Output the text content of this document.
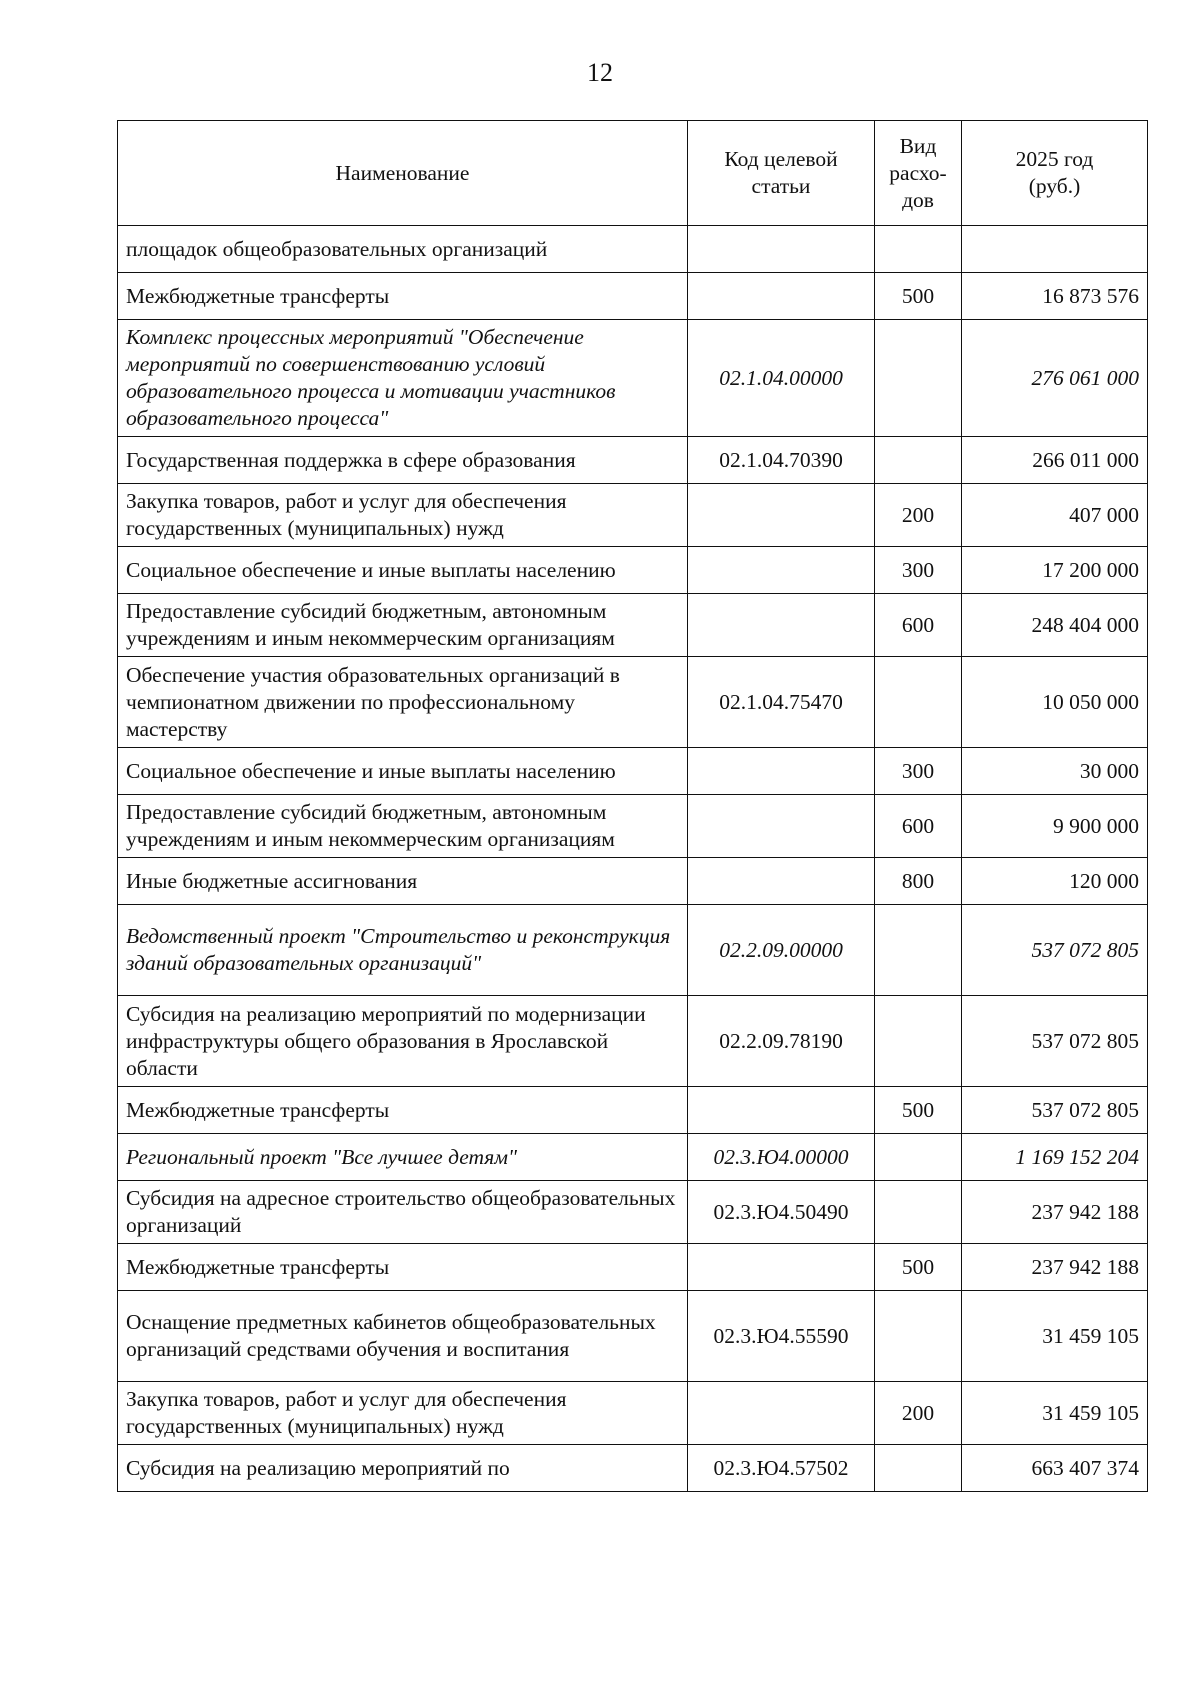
12
Наименование	Код целевой статьи	Вид расхо-дов	2025 год (руб.)
площадок общеобразовательных организаций			
Межбюджетные трансферты		500	16 873 576
Комплекс процессных мероприятий "Обеспечение мероприятий по совершенствованию условий образовательного процесса и мотивации участников образовательного процесса"	02.1.04.00000		276 061 000
Государственная поддержка в сфере образования	02.1.04.70390		266 011 000
Закупка товаров, работ и услуг для обеспечения государственных (муниципальных) нужд		200	407 000
Социальное обеспечение и иные выплаты населению		300	17 200 000
Предоставление субсидий бюджетным, автономным учреждениям и иным некоммерческим организациям		600	248 404 000
Обеспечение участия образовательных организаций в чемпионатном движении по профессиональному мастерству	02.1.04.75470		10 050 000
Социальное обеспечение и иные выплаты населению		300	30 000
Предоставление субсидий бюджетным, автономным учреждениям и иным некоммерческим организациям		600	9 900 000
Иные бюджетные ассигнования		800	120 000
Ведомственный проект "Строительство и реконструкция зданий образовательных организаций"	02.2.09.00000		537 072 805
Субсидия на реализацию мероприятий по модернизации инфраструктуры общего образования в Ярославской области	02.2.09.78190		537 072 805
Межбюджетные трансферты		500	537 072 805
Региональный проект "Все лучшее детям"	02.3.Ю4.00000		1 169 152 204
Субсидия на адресное строительство общеобразовательных организаций	02.3.Ю4.50490		237 942 188
Межбюджетные трансферты		500	237 942 188
Оснащение предметных кабинетов общеобразовательных организаций средствами обучения и воспитания	02.3.Ю4.55590		31 459 105
Закупка товаров, работ и услуг для обеспечения государственных (муниципальных) нужд		200	31 459 105
Субсидия на реализацию мероприятий по	02.3.Ю4.57502		663 407 374
